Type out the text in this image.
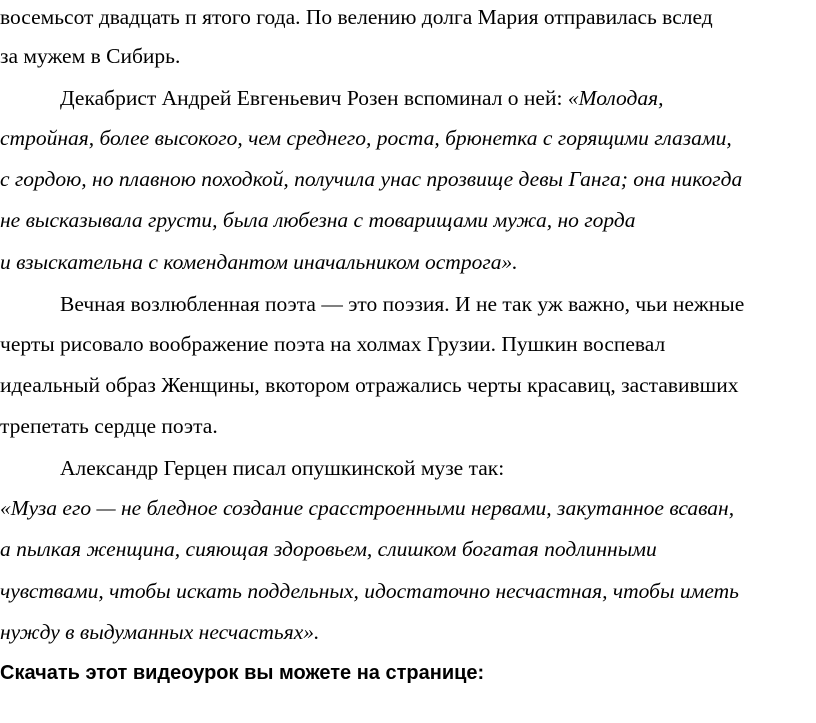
восемьсот двадцать п ятого года. По велению долга Мария отправилась вслед
за мужем в Сибирь.
Декабрист Андрей Евгеньевич Розен вспоминал о ней: «Молодая,
стройная, более высокого, чем среднего, роста, брюнетка с горящими глазами,
с гордою, но плавною походкой, получила унас прозвище девы Ганга; она никогда
не высказывала грусти, была любезна с товарищами мужа, но горда
и взыскательна с комендантом иначальником острога».
Вечная возлюбленная поэта — это поэзия. И не так уж важно, чьи нежные
черты рисовало воображение поэта на холмах Грузии. Пушкин воспевал
идеальный образ Женщины, вкотором отражались черты красавиц, заставивших
трепетать сердце поэта.
Александр Герцен писал опушкинской музе так:
«Муза его — не бледное создание срасстроенными нервами, закутанное всаван,
а пылкая женщина, сияющая здоровьем, слишком богатая подлинными
чувствами, чтобы искать поддельных, идостаточно несчастная, чтобы иметь
нужду в выдуманных несчастьях».
Скачать этот видеоурок вы можете на странице:
